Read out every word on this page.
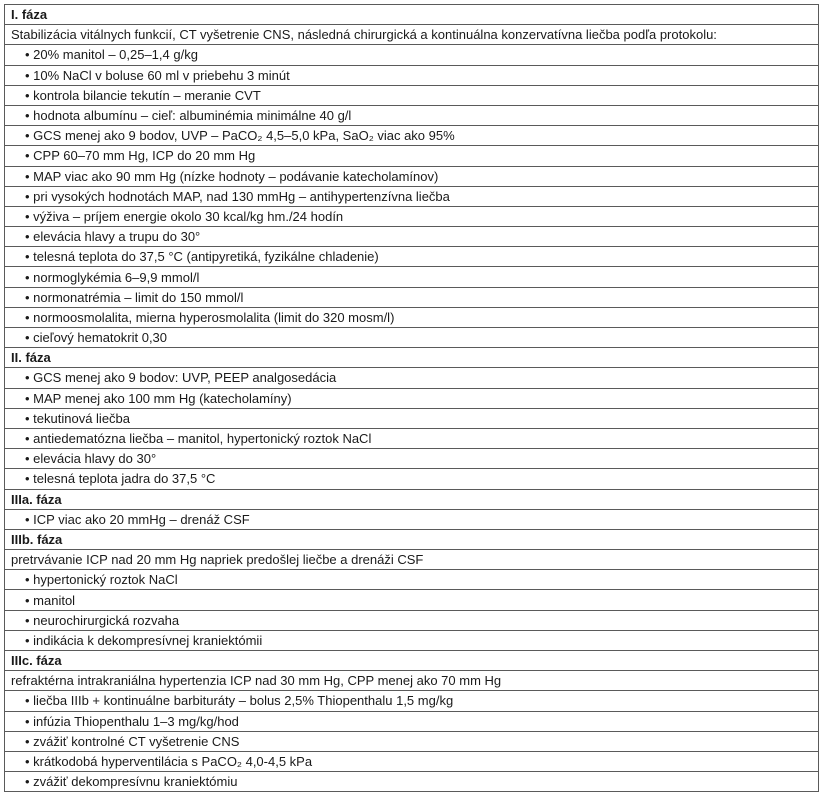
I. fáza
Stabilizácia vitálnych funkcií, CT vyšetrenie CNS, následná chirurgická a kontinuálna konzervatívna liečba podľa protokolu:
• 20% manitol – 0,25–1,4 g/kg
• 10% NaCl v boluse 60 ml v priebehu 3 minút
• kontrola bilancie tekutín – meranie CVT
• hodnota albumínu – cieľ: albuminémia minimálne 40 g/l
• GCS menej ako 9 bodov, UVP – PaCO₂ 4,5–5,0 kPa, SaO₂ viac ako 95%
• CPP 60–70 mm Hg, ICP do 20 mm Hg
• MAP viac ako 90 mm Hg (nízke hodnoty – podávanie katecholamínov)
• pri vysokých hodnotách MAP, nad 130 mmHg – antihypertenzívna liečba
• výživa – príjem energie okolo 30 kcal/kg hm./24 hodín
• elevácia hlavy a trupu do 30°
• telesná teplota do 37,5 °C (antipyretiká, fyzikálne chladenie)
• normoglykémia 6–9,9 mmol/l
• normonatrémia – limit do 150 mmol/l
• normoosmolalita, mierna hyperosmolalita (limit do 320 mosm/l)
• cieľový hematokrit 0,30
II. fáza
• GCS menej ako 9 bodov: UVP, PEEP analgosedácia
• MAP menej ako 100 mm Hg (katecholamíny)
• tekutinová liečba
• antiedematózna liečba – manitol, hypertonický roztok NaCl
• elevácia hlavy do 30°
• telesná teplota jadra do 37,5 °C
IIIa. fáza
• ICP viac ako 20 mmHg – drenáž CSF
IIIb. fáza
pretrvávanie ICP nad 20 mm Hg napriek predošlej liečbe a drenáži CSF
• hypertonický roztok NaCl
• manitol
• neurochirurgická rozvaha
• indikácia k dekompresívnej kraniektómii
IIIc. fáza
refraktérna intrakraniálna hypertenzia ICP nad 30 mm Hg, CPP menej ako 70 mm Hg
• liečba IIIb + kontinuálne barbituráty – bolus 2,5% Thiopenthalu 1,5 mg/kg
• infúzia Thiopenthalu 1–3 mg/kg/hod
• zvážiť kontrolné CT vyšetrenie CNS
• krátkodobá hyperventilácia s PaCO₂ 4,0-4,5 kPa
• zvážiť dekompresívnu kraniektómiu
